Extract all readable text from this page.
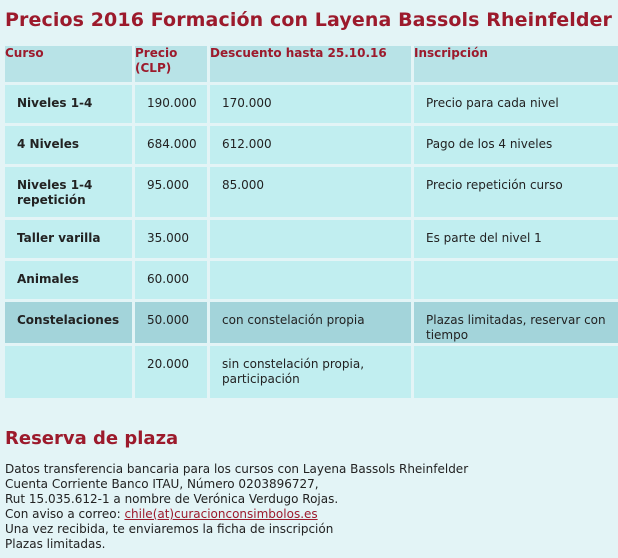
Precios 2016 Formación con Layena Bassols Rheinfelder
Curso	Precio (CLP)	Descuento hasta 25.10.16	Inscripción

Niveles 1-4	190.000	170.000	Precio para cada nivel

4 Niveles	684.000	612.000	Pago de los 4 niveles

Niveles 1-4 repetición	95.000	85.000	Precio repetición curso

Taller varilla	35.000		Es parte del nivel 1

Animales	60.000		

Constelaciones	50.000	con constelación propia	Plazas limitadas, reservar con tiempo

	20.000	sin constelación propia, participación	

Reserva de plaza
Datos transferencia bancaria para los cursos con Layena Bassols Rheinfelder
Cuenta Corriente Banco ITAU, Número 0203896727,
Rut 15.035.612-1 a nombre de Verónica Verdugo Rojas.
Con aviso a correo: chile(at)curacionconsimbolos.es
Una vez recibida, te enviaremos la ficha de inscripción
Plazas limitadas.
